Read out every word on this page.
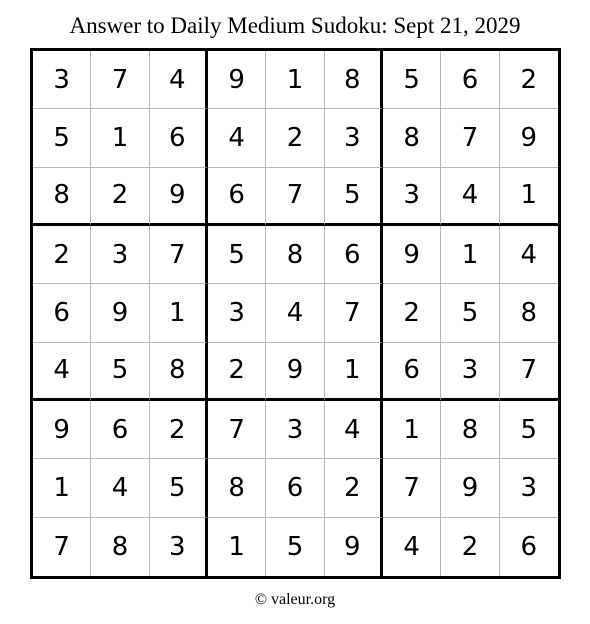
Answer to Daily Medium Sudoku: Sept 21, 2029
3	7	4	9	1	8	5	6	2
5	1	6	4	2	3	8	7	9
8	2	9	6	7	5	3	4	1
2	3	7	5	8	6	9	1	4
6	9	1	3	4	7	2	5	8
4	5	8	2	9	1	6	3	7
9	6	2	7	3	4	1	8	5
1	4	5	8	6	2	7	9	3
7	8	3	1	5	9	4	2	6
© valeur.org
